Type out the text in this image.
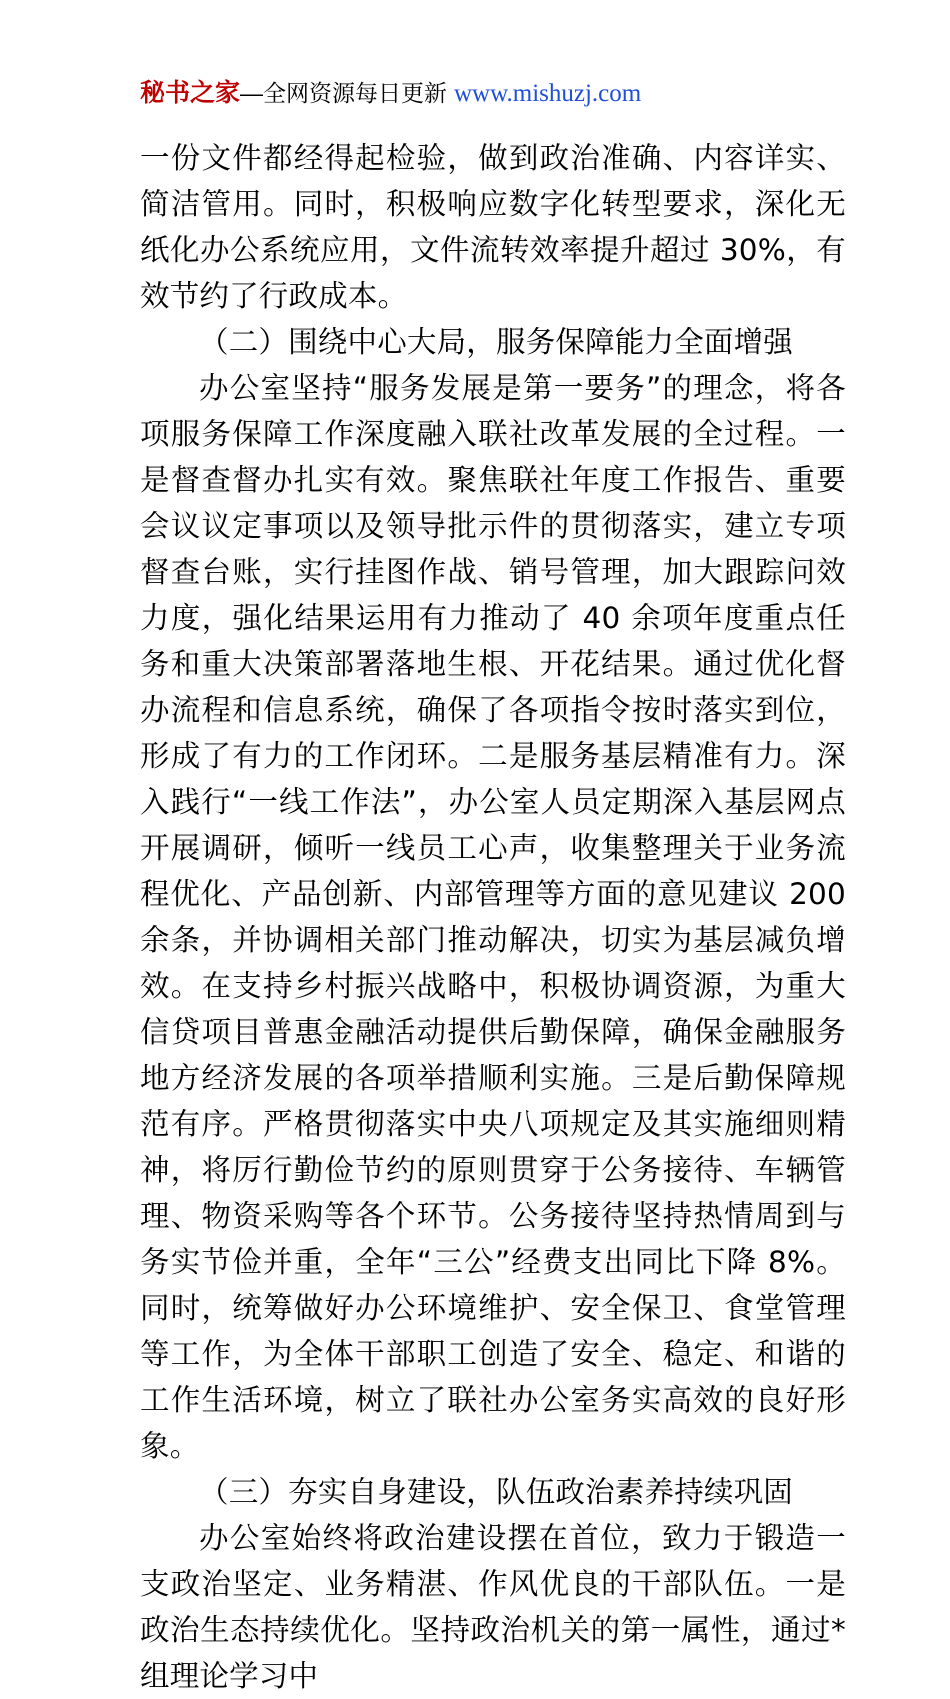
秘书之家—全网资源每日更新 www.mishuzj.com

一份文件都经得起检验，做到政治准确、内容详实、简洁管用。同时，积极响应数字化转型要求，深化无纸化办公系统应用，文件流转效率提升超过 30%，有效节约了行政成本。

（二）围绕中心大局，服务保障能力全面增强

办公室坚持“服务发展是第一要务”的理念，将各项服务保障工作深度融入联社改革发展的全过程。一是督查督办扎实有效。聚焦联社年度工作报告、重要会议议定事项以及领导批示件的贯彻落实，建立专项督查台账，实行挂图作战、销号管理，加大跟踪问效力度，强化结果运用有力推动了 40 余项年度重点任务和重大决策部署落地生根、开花结果。通过优化督办流程和信息系统，确保了各项指令按时落实到位，形成了有力的工作闭环。二是服务基层精准有力。深入践行“一线工作法”，办公室人员定期深入基层网点开展调研，倾听一线员工心声，收集整理关于业务流程优化、产品创新、内部管理等方面的意见建议 200 余条，并协调相关部门推动解决，切实为基层减负增效。在支持乡村振兴战略中，积极协调资源，为重大信贷项目普惠金融活动提供后勤保障，确保金融服务地方经济发展的各项举措顺利实施。三是后勤保障规范有序。严格贯彻落实中央八项规定及其实施细则精神，将厉行勤俭节约的原则贯穿于公务接待、车辆管理、物资采购等各个环节。公务接待坚持热情周到与务实节俭并重，全年“三公”经费支出同比下降 8%。同时，统筹做好办公环境维护、安全保卫、食堂管理等工作，为全体干部职工创造了安全、稳定、和谐的工作生活环境，树立了联社办公室务实高效的良好形象。

（三）夯实自身建设，队伍政治素养持续巩固

办公室始终将政治建设摆在首位，致力于锻造一支政治坚定、业务精湛、作风优良的干部队伍。一是政治生态持续优化。坚持政治机关的第一属性，通过*组理论学习中
